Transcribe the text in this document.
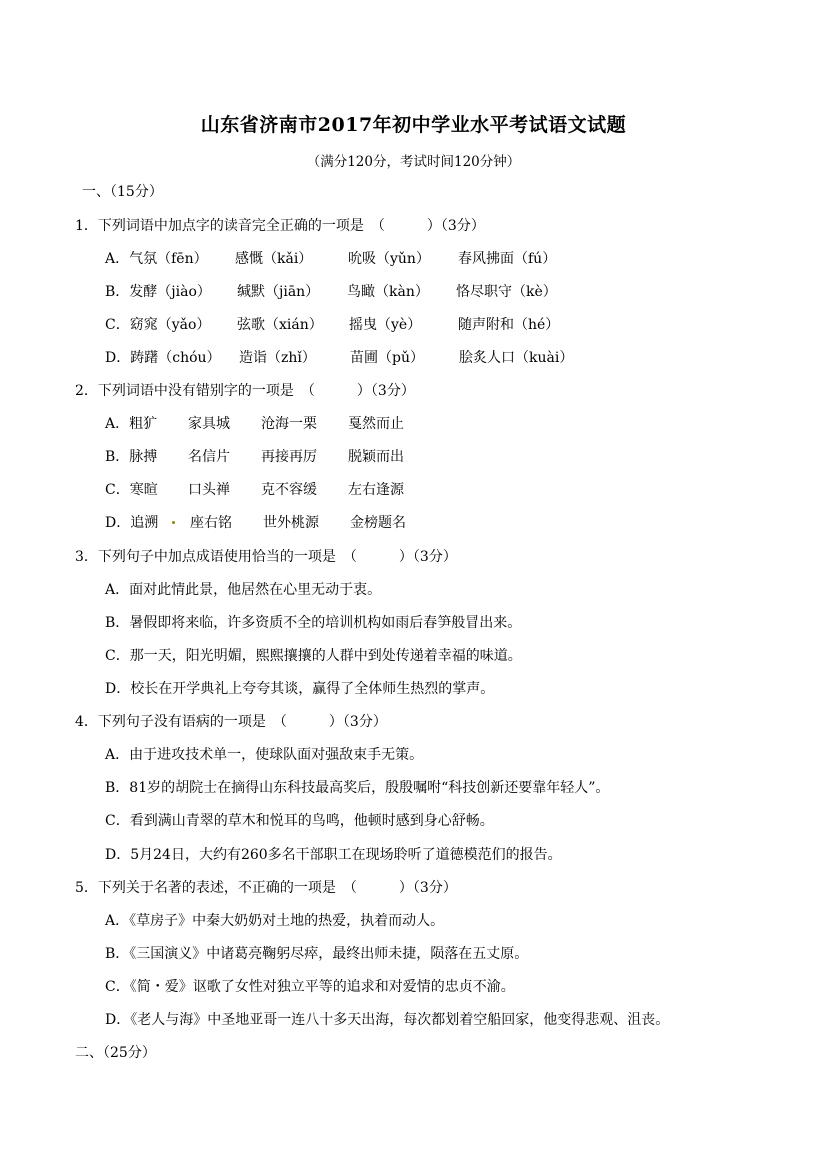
山东省济南市2017年初中学业水平考试语文试题
（满分120分，考试时间120分钟）
一、（15分）
1．下列词语中加点字的读音完全正确的一项是　（　　　）（3分）
A．气氛（fēn） 感慨（kǎi）	吮吸（yǔn） 春风拂面（fú）
B．发酵（jiào） 缄默（jiān） 鸟瞰（kàn） 恪尽职守（kè）
C．窈窕（yǎo） 弦歌（xián） 摇曳（yè）	随声附和（hé）
D．踌躇（chóu） 造诣（zhǐ） 苗圃（pǔ）	脍炙人口（kuài）
2．下列词语中没有错别字的一项是　（　　　）（3分）
A．粗犷 家具城 沧海一栗 戛然而止
B．脉搏 名信片 再接再厉 脱颖而出
C．寒暄 口头禅 克不容缓 左右逢源
D．追溯 座右铭 世外桃源 金榜题名
3．下列句子中加点成语使用恰当的一项是　（　　　）（3分）
A．面对此情此景，他居然在心里无动于衷。
B．暑假即将来临，许多资质不全的培训机构如雨后春笋般冒出来。
C．那一天，阳光明媚，熙熙攘攘的人群中到处传递着幸福的味道。
D．校长在开学典礼上夸夸其谈，赢得了全体师生热烈的掌声。
4．下列句子没有语病的一项是　（　　　）（3分）
A．由于进攻技术单一，使球队面对强敌束手无策。
B．81岁的胡院士在摘得山东科技最高奖后，殷殷嘱咐“科技创新还要靠年轻人”。
C．看到满山青翠的草木和悦耳的鸟鸣，他顿时感到身心舒畅。
D．5月24日，大约有260多名干部职工在现场聆听了道德模范们的报告。
5．下列关于名著的表述，不正确的一项是　（　　　）（3分）
A．《草房子》中秦大奶奶对土地的热爱，执着而动人。
B．《三国演义》中诸葛亮鞠躬尽瘁，最终出师未捷，陨落在五丈原。
C．《简・爱》讴歌了女性对独立平等的追求和对爱情的忠贞不渝。
D．《老人与海》中圣地亚哥一连八十多天出海，每次都划着空船回家，他变得悲观、沮丧。
二、（25分）
